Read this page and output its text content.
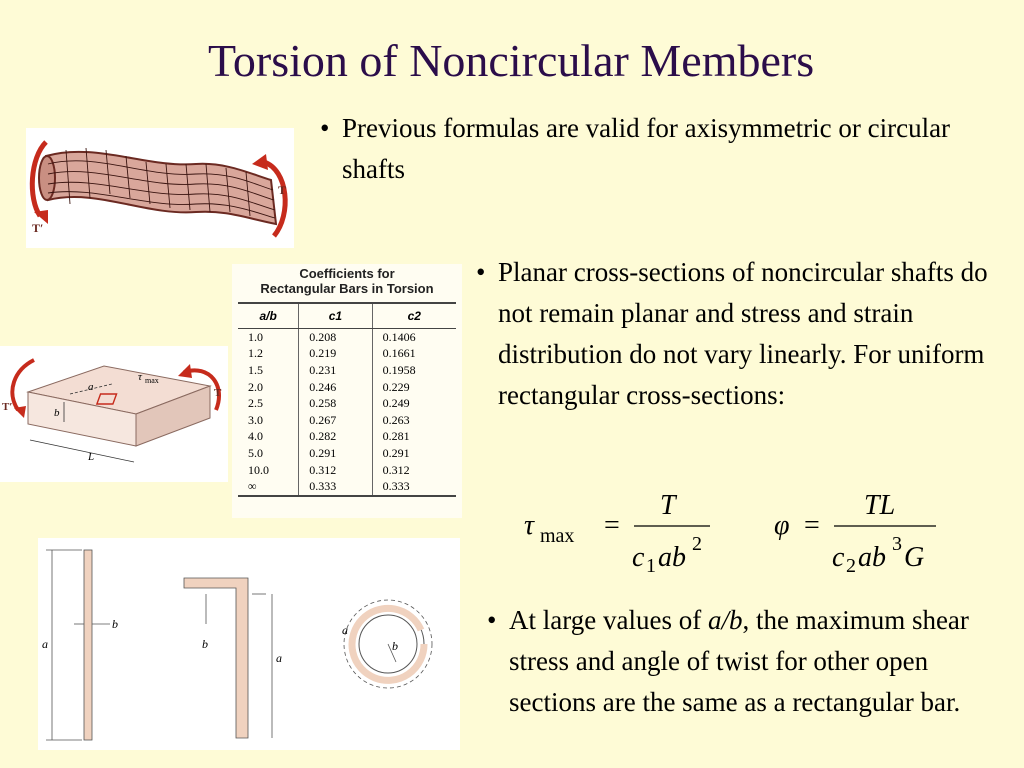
Torsion of Noncircular Members
• Previous formulas are valid for axisymmetric or circular shafts
T
T′
Coefficients for
Rectangular Bars in Torsion
a/b	c1	c2
1.0	0.208	0.1406
1.2	0.219	0.1661
1.5	0.231	0.1958
2.0	0.246	0.229
2.5	0.258	0.249
3.0	0.267	0.263
4.0	0.282	0.281
5.0	0.291	0.291
10.0	0.312	0.312
∞	0.333	0.333
τ max
a
b
L
T
T′
a
b
b
a
a
b
• Planar cross-sections of noncircular shafts do not remain planar and stress and strain distribution do not vary linearly. For uniform rectangular cross-sections:
τ max =
T
c 1 ab 2
φ =
TL
c 2 ab 3 G
• At large values of a/b, the maximum shear stress and angle of twist for other open sections are the same as a rectangular bar.
